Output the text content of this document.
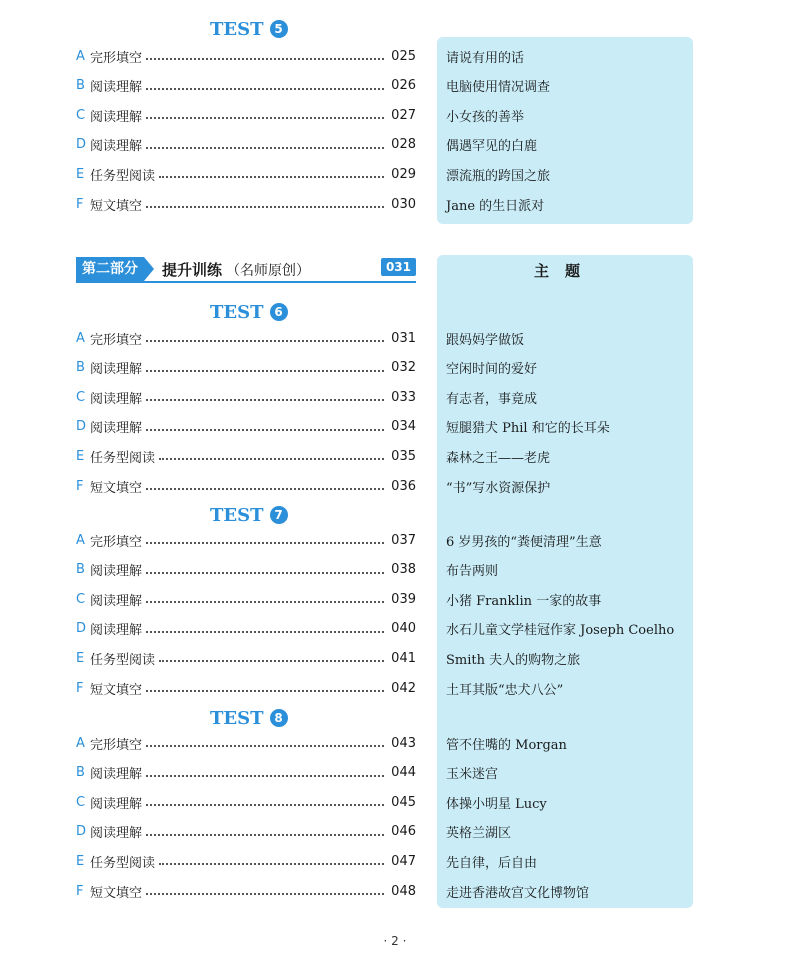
主题
第二部分	提升训练 （名师原创）	031
TEST 5
A 完形填空	025 请说有用的话
B 阅读理解	026 电脑使用情况调查
C 阅读理解	027 小女孩的善举
D 阅读理解	028 偶遇罕见的白鹿
E 任务型阅读	029 漂流瓶的跨国之旅
F 短文填空	030 Jane 的生日派对
TEST 6
A 完形填空	031 跟妈妈学做饭
B 阅读理解	032 空闲时间的爱好
C 阅读理解	033 有志者，事竟成
D 阅读理解	034 短腿猎犬 Phil 和它的长耳朵
E 任务型阅读	035 森林之王——老虎
F 短文填空	036 “书”写水资源保护
TEST 7
A 完形填空	037 6 岁男孩的“粪便清理”生意
B 阅读理解	038 布告两则
C 阅读理解	039 小猪 Franklin 一家的故事
D 阅读理解	040 水石儿童文学桂冠作家 Joseph Coelho
E 任务型阅读	041 Smith 夫人的购物之旅
F 短文填空	042 土耳其版“忠犬八公”
TEST 8
A 完形填空	043 管不住嘴的 Morgan
B 阅读理解	044 玉米迷宫
C 阅读理解	045 体操小明星 Lucy
D 阅读理解	046 英格兰湖区
E 任务型阅读	047 先自律，后自由
F 短文填空	048 走进香港故宫文化博物馆
· 2 ·
